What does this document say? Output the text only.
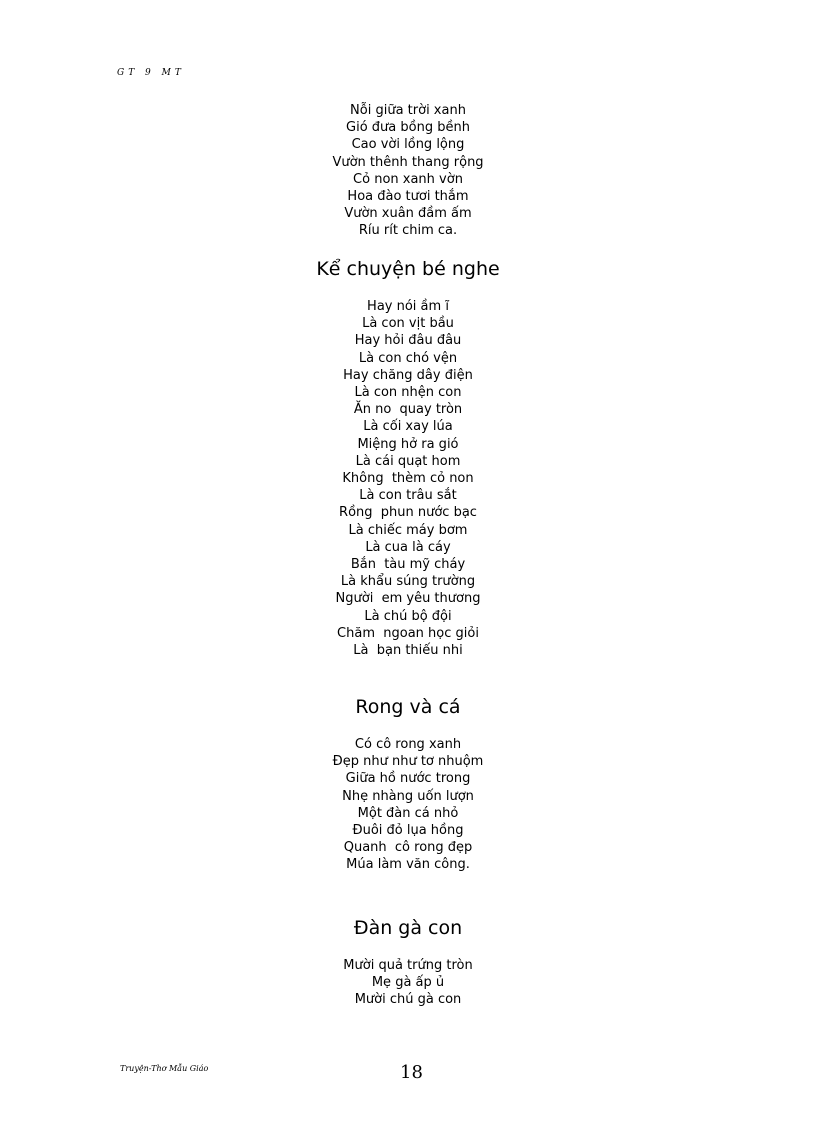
GT 9 MT
Nỗi giữa trời xanh
Gió đưa bồng bềnh
Cao vời lồng lộng
Vườn thênh thang rộng
Cỏ non xanh vờn
Hoa đào tươi thắm
Vườn xuân đầm ấm
Ríu rít chim ca.
Kể chuyện bé nghe
Hay nói ầm ĩ
Là con vịt bầu
Hay hỏi đâu đâu
Là con chó vện
Hay chăng dây điện
Là con nhện con
Ăn no  quay tròn
Là cối xay lúa
Miệng hở ra gió
Là cái quạt hom
Không  thèm cỏ non
Là con trâu sắt
Rồng  phun nước bạc
Là chiếc máy bơm
Là cua là cáy
Bắn  tàu mỹ cháy
Là khẩu súng trường
Người  em yêu thương
Là chú bộ đội
Chăm  ngoan học giỏi
Là  bạn thiếu nhi
Rong và cá
Có cô rong xanh
Đẹp như như tơ nhuộm
Giữa hồ nước trong
Nhẹ nhàng uốn lượn
Một đàn cá nhỏ
Đuôi đỏ lụa hồng
Quanh  cô rong đẹp
Múa làm văn công.
Đàn gà con
Mười quả trứng tròn
Mẹ gà ấp ủ
Mười chú gà con
Truyện-Thơ Mẫu Giáo	18
